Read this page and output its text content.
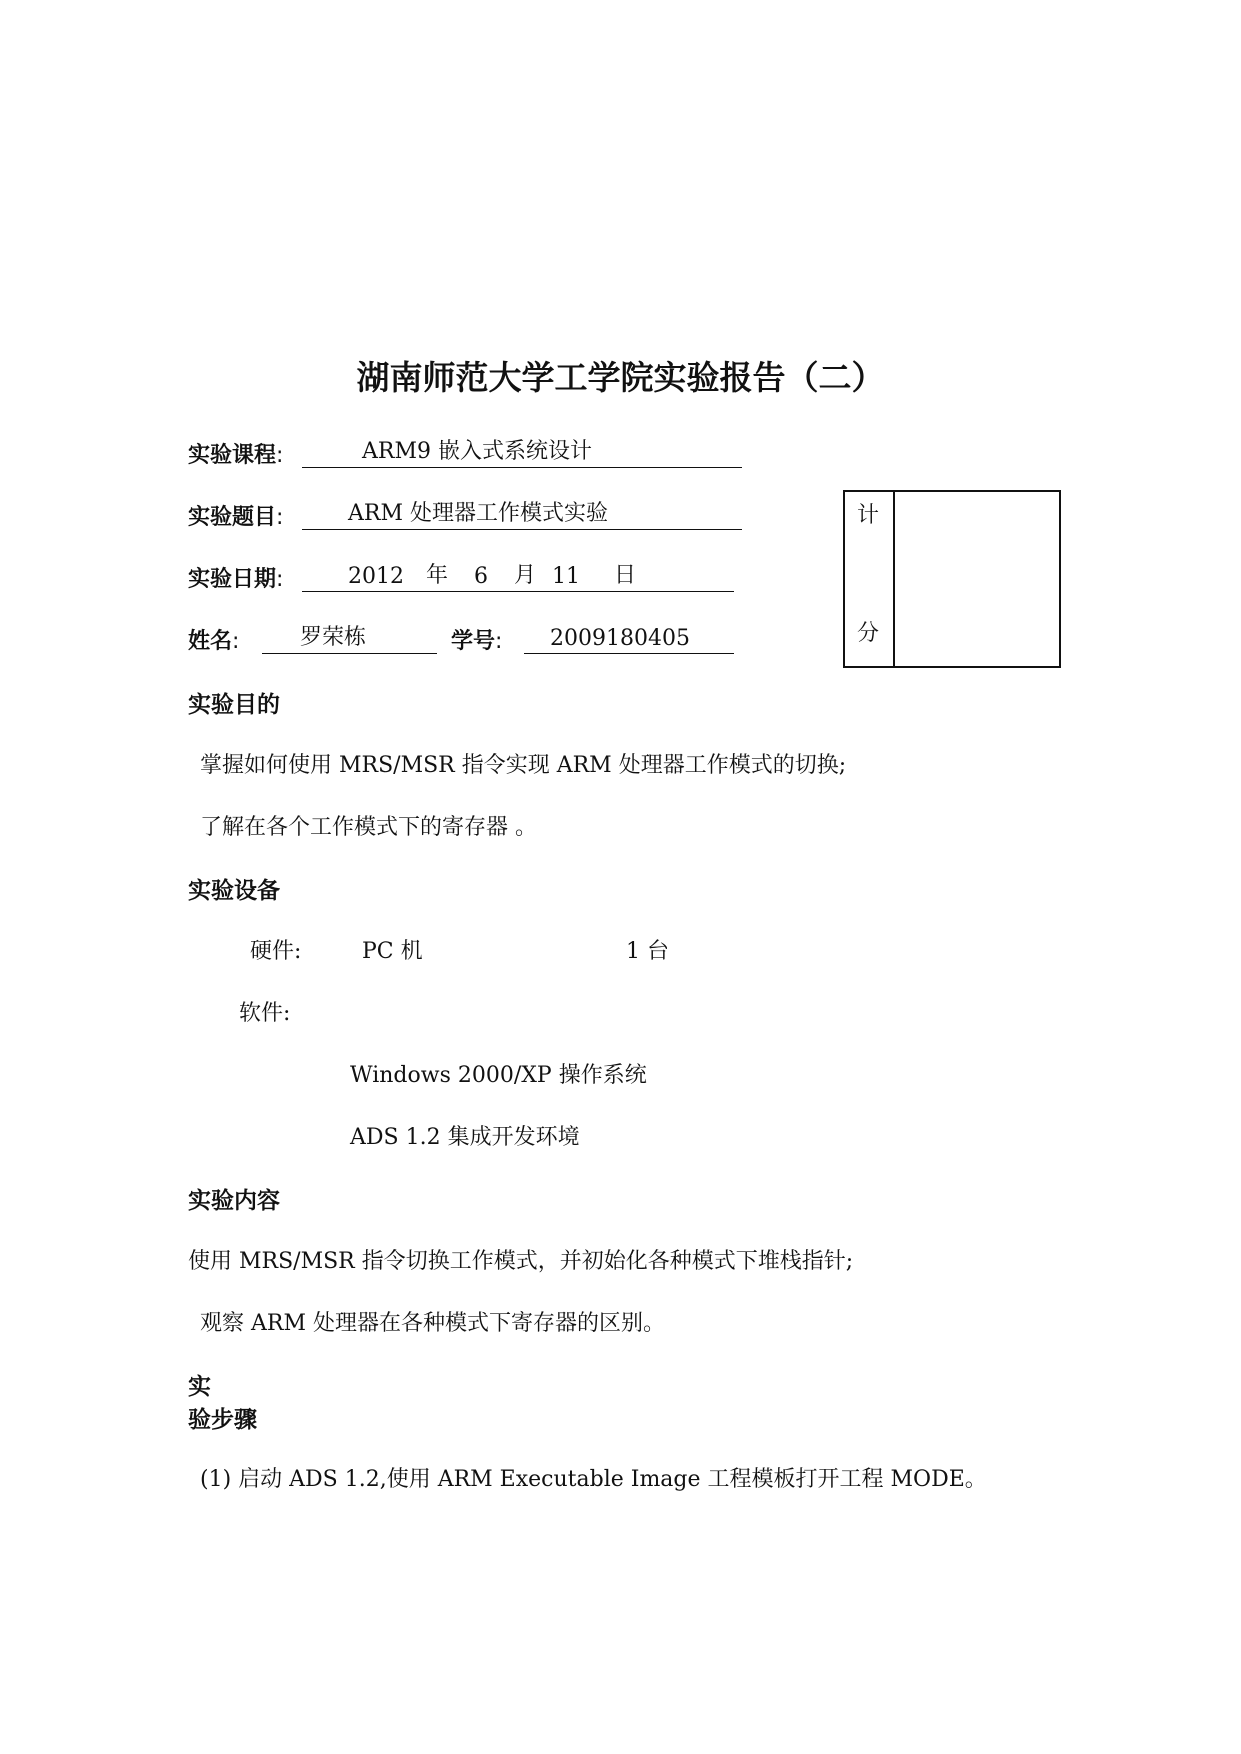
湖南师范大学工学院实验报告（二）
实验课程:	ARM9 嵌入式系统设计
实验题目:	ARM 处理器工作模式实验
实验日期:	2012 年 6 月 11 日
姓名:	罗荣栋	学号: 2009180405
计
分
实验目的
掌握如何使用 MRS/MSR 指令实现 ARM 处理器工作模式的切换;
了解在各个工作模式下的寄存器 。
实验设备
硬件:	PC 机	1 台
软件:
Windows 2000/XP 操作系统
ADS 1.2 集成开发环境
实验内容
使用 MRS/MSR 指令切换工作模式，并初始化各种模式下堆栈指针;
观察 ARM 处理器在各种模式下寄存器的区别。
实
验步骤
(1) 启动 ADS 1.2,使用 ARM Executable Image 工程模板打开工程 MODE。
